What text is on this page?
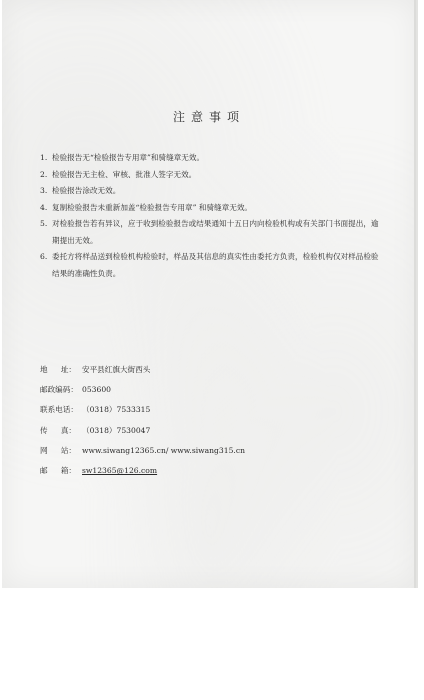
注意事项
1. 检验报告无“检验报告专用章”和骑缝章无效。
2. 检验报告无主检、审核、批准人签字无效。
3. 检验报告涂改无效。
4. 复制检验报告未重新加盖“检验报告专用章” 和骑缝章无效。
5. 对检验报告若有异议，应于收到检验报告或结果通知十五日内向检验机构或有关部门书面提出，逾期提出无效。
6. 委托方将样品送到检验机构检验时，样品及其信息的真实性由委托方负责，检验机构仅对样品检验结果的准确性负责。
地 址： 安平县红旗大街西头
邮政编码： 053600
联系电话： （0318）7533315
传 真： （0318）7530047
网 站： www.siwang12365.cn/ www.siwang315.cn
邮 箱： sw12365@126.com
